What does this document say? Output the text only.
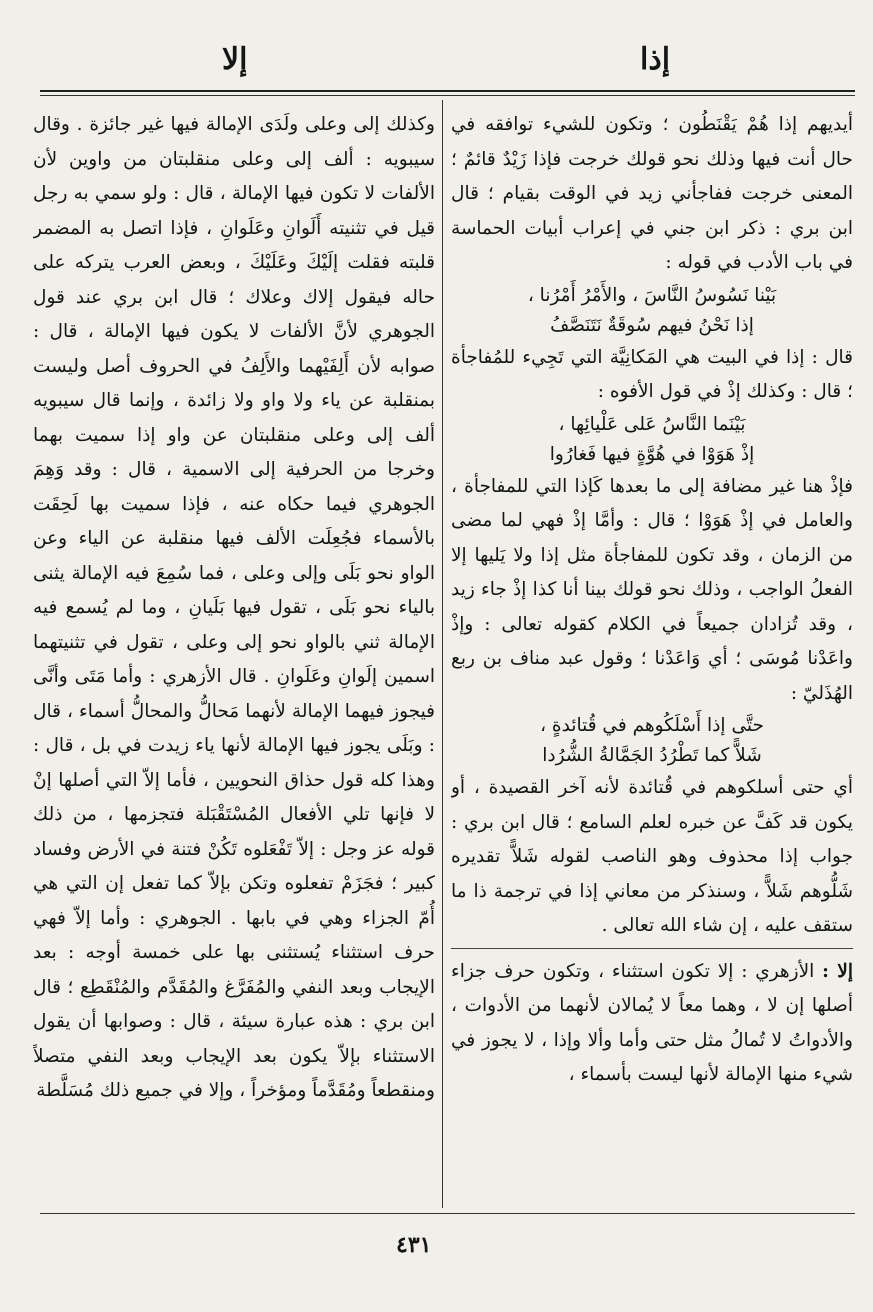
إذا
إلا

أيديهم إذا هُمْ يَقْنَطُون ؛ وتكون للشيء توافقه في حال أنت فيها وذلك نحو قولك خرجت فإذا زَيْدٌ قائمٌ ؛ المعنى خرجت ففاجأني زيد في الوقت بقيام ؛ قال ابن بري : ذكر ابن جني في إعراب أبيات الحماسة في باب الأدب في قوله :

بَيْنا نَسُوسُ النَّاسَ ، والأَمْرُ أَمْرُنا ،

إذا نَحْنُ فيهم سُوقَةٌ نَتَنَصَّفُ

قال : إذا في البيت هي المَكانِيَّة التي تَجِيء للمُفاجأة ؛ قال : وكذلك إذْ في قول الأفوه :

بَيْنَما النَّاسُ عَلى عَلْيائِها ،

إذْ هَوَوْا في هُوَّةٍ فيها فَغارُوا

فإذْ هنا غير مضافة إلى ما بعدها كَإذا التي للمفاجأة ، والعامل في إذْ هَوَوْا ؛ قال : وأمَّا إذْ فهي لما مضى من الزمان ، وقد تكون للمفاجأة مثل إذا ولا يَليها إلا الفعلُ الواجب ، وذلك نحو قولك بينا أنا كذا إذْ جاء زيد ، وقد تُزادان جميعاً في الكلام كقوله تعالى : وإذْ واعَدْنا مُوسَى ؛ أي وَاعَدْنا ؛ وقول عبد مناف بن ربع الهُذَليّ :

حتَّى إذا أَسْلَكُوهم في قُتائدةٍ ،

شَلاًّ كما تَطْرُدُ الجَمَّالةُ الشُّرُدا

أي حتى أسلكوهم في قُتائدة لأنه آخر القصيدة ، أو يكون قد كَفَّ عن خبره لعلم السامع ؛ قال ابن بري : جواب إذا محذوف وهو الناصب لقوله شَلاًّ تقديره شَلُّوهم شَلاًّ ، وسنذكر من معاني إذا في ترجمة ذا ما ستقف عليه ، إن شاء الله تعالى .

إلا : الأزهري : إلا تكون استثناء ، وتكون حرف جزاء أصلها إن لا ، وهما معاً لا يُمالان لأنهما من الأدوات ، والأدواتُ لا تُمالُ مثل حتى وأما وألا وإذا ، لا يجوز في شيء منها الإمالة لأنها ليست بأسماء ،

وكذلك إلى وعلى ولَدَى الإمالة فيها غير جائزة . وقال سيبويه : ألف إلى وعلى منقلبتان من واوين لأن الألفات لا تكون فيها الإمالة ، قال : ولو سمي به رجل قيل في تثنيته أَلَوانِ وعَلَوانِ ، فإذا اتصل به المضمر قلبته فقلت إلَيْكَ وعَلَيْكَ ، وبعض العرب يتركه على حاله فيقول إلاك وعلاك ؛ قال ابن بري عند قول الجوهري لأنَّ الألفات لا يكون فيها الإمالة ، قال : صوابه لأن أَلِفَيْهما والأَلِفُ في الحروف أصل وليست بمنقلبة عن ياء ولا واو ولا زائدة ، وإنما قال سيبويه ألف إلى وعلى منقلبتان عن واو إذا سميت بهما وخرجا من الحرفية إلى الاسمية ، قال : وقد وَهِمَ الجوهري فيما حكاه عنه ، فإذا سميت بها لَحِقَت بالأسماء فجُعِلَت الألف فيها منقلبة عن الياء وعن الواو نحو بَلَى وإلى وعلى ، فما سُمِعَ فيه الإمالة يثنى بالياء نحو بَلَى ، تقول فيها بَلَيانِ ، وما لم يُسمع فيه الإمالة ثني بالواو نحو إلى وعلى ، تقول في تثنيتهما اسمين إلَوانِ وعَلَوانِ . قال الأزهري : وأما مَتَى وأنَّى فيجوز فيهما الإمالة لأنهما مَحالُّ والمحالُّ أسماء ، قال : وبَلَى يجوز فيها الإمالة لأنها ياء زيدت في بل ، قال : وهذا كله قول حذاق النحويين ، فأما إلاّ التي أصلها إنْ لا فإنها تلي الأفعال المُسْتَقْبَلة فتجزمها ، من ذلك قوله عز وجل : إلاّ تَفْعَلوه تَكُنْ فتنة في الأرض وفساد كبير ؛ فجَزَمْ تفعلوه وتكن بإلاّ كما تفعل إن التي هي أُمّ الجزاء وهي في بابها . الجوهري : وأما إلاّ فهي حرف استثناء يُستثنى بها على خمسة أوجه : بعد الإيجاب وبعد النفي والمُفَرَّغ والمُقَدَّم والمُنْقَطِع ؛ قال ابن بري : هذه عبارة سيئة ، قال : وصوابها أن يقول الاستثناء بإلاّ يكون بعد الإيجاب وبعد النفي متصلاً ومنقطعاً ومُقَدَّماً ومؤخراً ، وإلا في جميع ذلك مُسَلَّطة

٤٣١
